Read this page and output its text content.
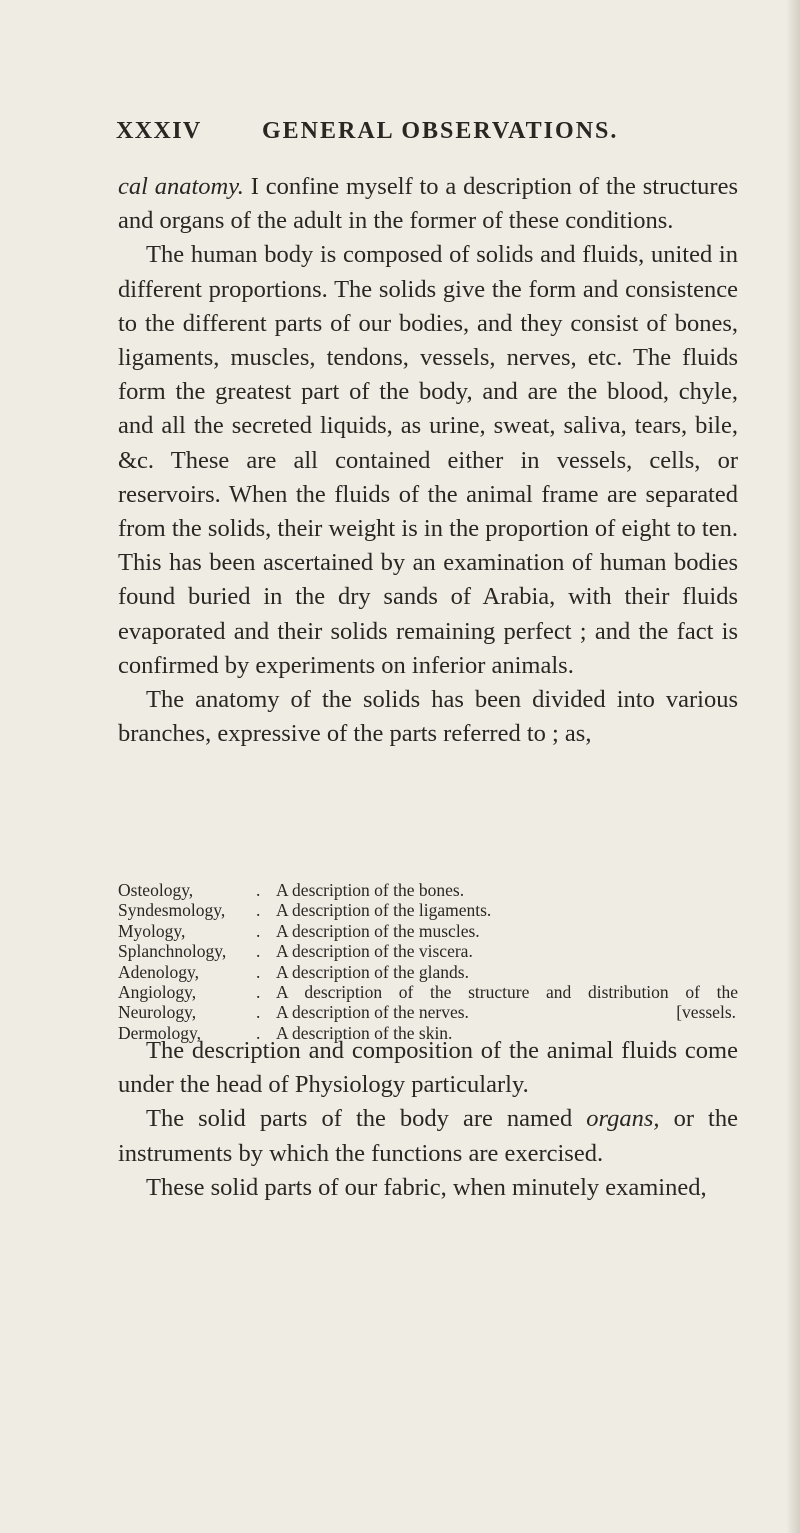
XXXIV	GENERAL OBSERVATIONS.

cal anatomy. I confine myself to a description of the structures and organs of the adult in the former of these conditions.

The human body is composed of solids and fluids, united in different proportions. The solids give the form and consistence to the different parts of our bodies, and they consist of bones, ligaments, muscles, tendons, vessels, nerves, etc. The fluids form the greatest part of the body, and are the blood, chyle, and all the secreted liquids, as urine, sweat, saliva, tears, bile, &c. These are all contained either in vessels, cells, or reservoirs. When the fluids of the animal frame are separated from the solids, their weight is in the proportion of eight to ten. This has been ascertained by an examination of human bodies found buried in the dry sands of Arabia, with their fluids evaporated and their solids remaining perfect ; and the fact is confirmed by experiments on inferior animals.

The anatomy of the solids has been divided into various branches, expressive of the parts referred to ; as,

Osteology,	. A description of the bones.
Syndesmology, . A description of the ligaments.
Myology,	. A description of the muscles.
Splanchnology, . A description of the viscera.
Adenology,	. A description of the glands.
Angiology,	. A description of the structure and distribution of the
Neurology,	. A description of the nerves.	[vessels.
Dermology,	. A description of the skin.

The description and composition of the animal fluids come under the head of Physiology particularly.

The solid parts of the body are named organs, or the instruments by which the functions are exercised.

These solid parts of our fabric, when minutely examined,
